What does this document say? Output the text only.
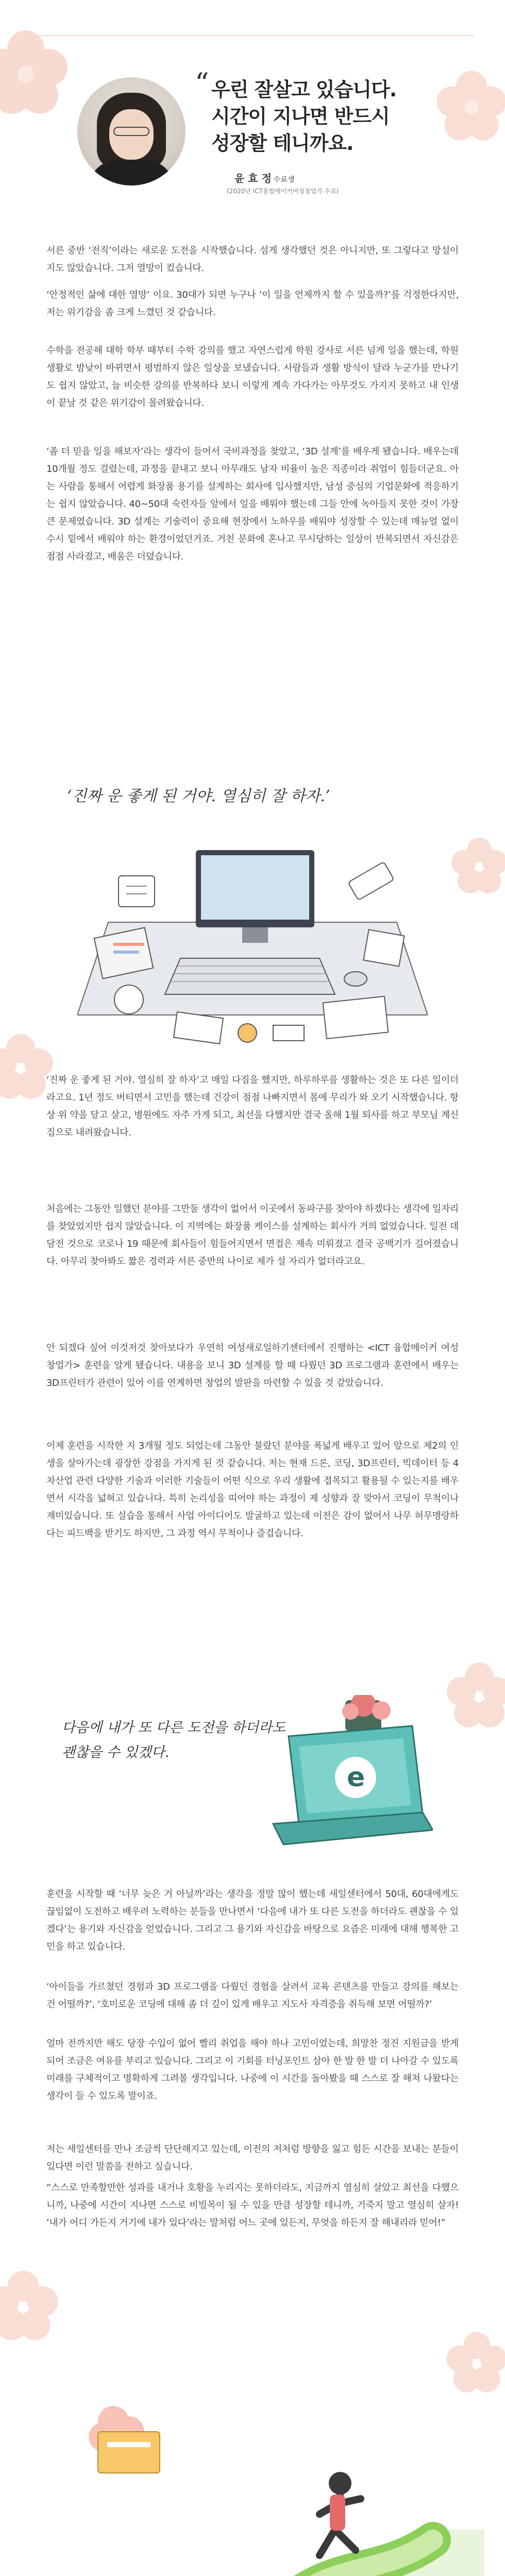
“ 우린 잘살고 있습니다.
시간이 지나면 반드시
성장할 테니까요.
윤 효 정 수료생
(2020년 ICT융합메이커여성창업가 수료)
서른 중반 ‘전직’이라는 새로운 도전을 시작했습니다. 섬게 생각했던 것은 아니지만, 또 그렇다고 망설이지도 않았습니다. 그저 열망이 컸습니다.
‘안정적인 삶에 대한 열망’ 이요. 30대가 되면 누구나 ‘이 일을 언제까지 할 수 있을까?’를 걱정한다지만, 저는 위기감을 좀 크게 느꼈던 것 같습니다.
수학을 전공해 대학 학부 때부터 수학 강의를 했고 자연스럽게 학원 강사로 서른 넘게 일을 했는데, 학원 생활로 밤낮이 바뀌면서 평범하지 않은 일상을 보냈습니다. 사람들과 생활 방식이 달라 누군가를 만나기도 쉽지 않았고, 늘 비슷한 강의를 반복하다 보니 이렇게 계속 가다가는 아무것도 가지지 못하고 내 인생이 끝날 것 같은 위기감이 몰려왔습니다.
‘좀 더 믿을 일을 해보자’라는 생각이 들어서 국비과정을 찾았고, ‘3D 설계’를 배우게 됐습니다. 배우는데 10개월 정도 걸렸는데, 과정을 끝내고 보니 아무래도 남자 비율이 높은 직종이라 취업이 힘들더군요. 아는 사람을 통해서 어렵게 화장품 용기를 설계하는 회사에 입사했지만, 남성 중심의 기업문화에 적응하기는 쉽지 않았습니다. 40~50대 숙련자들 앞에서 일을 배워야 했는데 그들 안에 녹아들지 못한 것이 가장 큰 문제였습니다. 3D 설계는 기술력이 중요해 현장에서 노하우를 배워야 성장할 수 있는데 매뉴얼 없이 수시 밑에서 배워야 하는 환경이었던거죠. 거친 문화에 혼나고 무시당하는 일상이 반복되면서 자신감은 점점 사라졌고, 배움은 더뎠습니다.
‘진짜 운 좋게 된 거야. 열심히 잘 하자.’
‘진짜 운 좋게 된 거야. 열심히 잘 하자’고 매일 다짐을 했지만, 하루하루를 생활하는 것은 또 다른 일이더라고요. 1년 정도 버티면서 고민을 했는데 건강이 점점 나빠지면서 몸에 무리가 와 오기 시작했습니다. 항상 위 약을 달고 살고, 병원에도 자주 가게 되고, 최선을 다했지만 결국 올해 1월 퇴사를 하고 부모님 계신 집으로 내려왔습니다.
처음에는 그동안 일했던 분야를 그만둘 생각이 없어서 이곳에서 동파구를 찾아야 하겠다는 생각에 일자리를 찾았었지만 쉽지 않았습니다. 이 지역에는 화장품 케이스를 설계하는 회사가 거의 없었습니다. 일전 데 담전 것으로 코로나 19 때문에 회사들이 힘들어지면서 면접은 재속 미뤄졌고 결국 공백기가 길어졌습니다. 아무리 찾아봐도 짧은 경력과 서른 중반의 나이로 제가 설 자리가 없더라고요.
안 되겠다 싶어 이것저것 찾아보다가 우연히 여성새로일하기센터에서 진행하는 <ICT 융합메이커 여성 창업가> 훈련을 알게 됐습니다. 내용을 보니 3D 설계를 할 때 다뤘던 3D 프로그램과 훈련에서 배우는 3D프린터가 관련이 있어 이를 연계하면 창업의 발판을 마련할 수 있을 것 같았습니다.
이제 훈련을 시작한 지 3개월 정도 되었는데 그동안 불랐던 분야를 폭넓게 배우고 있어 앞으로 제2의 인생을 살아가는데 굉장한 강점을 가지게 된 것 같습니다. 저는 현재 드론, 코딩, 3D프린터, 빅데이터 등 4차산업 관련 다양한 기술과 이러한 기술들이 어떤 식으로 우리 생활에 접목되고 활용될 수 있는지를 배우면서 시각을 넓혀고 있습니다. 특히 논리성을 띠어야 하는 과정이 제 성향과 잘 맞아서 코딩이 무척이나 재미있습니다. 또 실습을 통해서 사업 아이디어도 발굴하고 있는데 이전은 감이 없어서 나무 허무맹랑하다는 피드백을 받기도 하지만, 그 과정 역시 무척이나 즐겁습니다.
다음에 내가 또 다른 도전을 하더라도
괜찮을 수 있겠다.
e
훈련을 시작할 때 ‘너무 늦은 거 아닐까’라는 생각을 정말 많이 했는데 새일센터에서 50대, 60대에게도 끊임없이 도전하고 배우려 노력하는 분들을 만나면서 ‘다음에 내가 또 다른 도전을 하더라도 괜찮을 수 있겠다’는 용기와 자신감을 얻었습니다. 그리고 그 용기와 자신감을 바탕으로 요즘은 미래에 대해 행복한 고민을 하고 있습니다.
‘아이들을 가르쳤던 경험과 3D 프로그램을 다뤘던 경험을 살려서 교육 콘텐츠를 만들고 강의를 해보는 건 어떨까?’, ‘호미로운 코딩에 대해 좀 더 깊이 있게 배우고 지도사 자격증을 취득해 보면 어떨까?’
얼마 전까지만 해도 당장 수입이 없어 빨리 취업을 해야 하나 고민이었는데, 희망찬 정진 지원금을 받게 되어 조금은 여유를 부리고 있습니다. 그리고 이 기회를 터닝포인트 삼아 한 발 한 발 더 나아갈 수 있도록 미래를 구체적이고 명확하게 그려볼 생각입니다. 나중에 이 시간을 돌아봤을 때 스스로 잘 해쳐 나왔다는 생각이 들 수 있도록 말이죠.
저는 새일센터를 만나 조금씩 단단해지고 있는데, 이전의 저처럼 방향을 잃고 힘든 시간을 보내는 분들이 있다면 이런 말씀을 전하고 싶습니다.
“스스로 만족할만한 성과를 내거나 호황을 누리지는 못하더라도, 지금까지 열심히 살았고 최선을 다했으니까, 나중에 시간이 지나면 스스로 비빌목이 될 수 있을 만큼 성장할 테니까, 기죽지 말고 열심히 살자! ‘내가 어디 가든지 거기에 내가 있다’라는 말처럼 어느 곳에 있든지, 무엇을 하든지 잘 해내리라 믿어!”
